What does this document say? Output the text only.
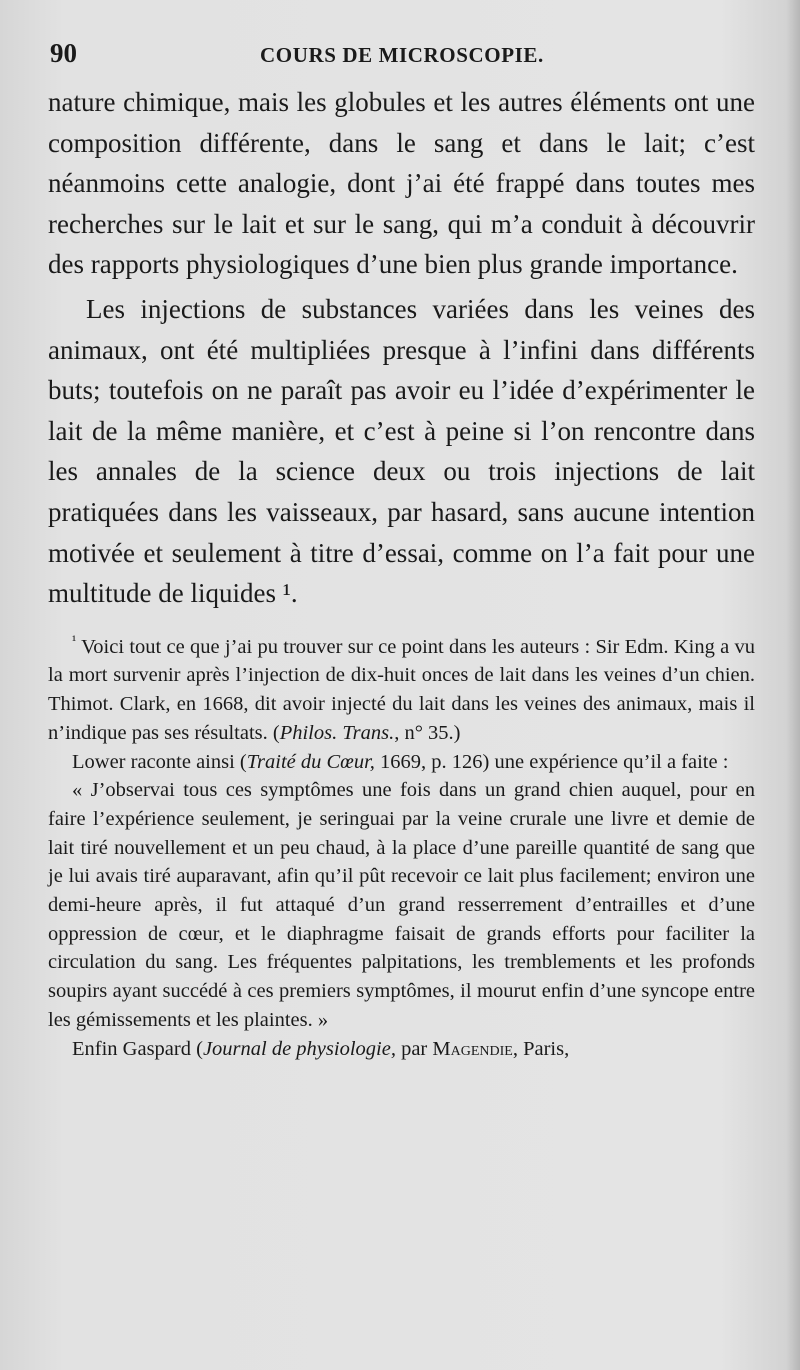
90	COURS DE MICROSCOPIE.

nature chimique, mais les globules et les autres éléments ont une composition différente, dans le sang et dans le lait; c’est néanmoins cette analogie, dont j’ai été frappé dans toutes mes recherches sur le lait et sur le sang, qui m’a conduit à découvrir des rapports physiologiques d’une bien plus grande importance.

Les injections de substances variées dans les veines des animaux, ont été multipliées presque à l’infini dans différents buts; toutefois on ne paraît pas avoir eu l’idée d’expérimenter le lait de la même manière, et c’est à peine si l’on rencontre dans les annales de la science deux ou trois injections de lait pratiquées dans les vaisseaux, par hasard, sans aucune intention motivée et seulement à titre d’essai, comme on l’a fait pour une multitude de liquides ¹.

$^{^1}$ Voici tout ce que j’ai pu trouver sur ce point dans les auteurs : Sir Edm. King a vu la mort survenir après l’injection de dix-huit onces de lait dans les veines d’un chien. Thimot. Clark, en 1668, dit avoir injecté du lait dans les veines des animaux, mais il n’indique pas ses résultats. (Philos. Trans., n° 35.)

Lower raconte ainsi (Traité du Cœur, 1669, p. 126) une expérience qu’il a faite :

« J’observai tous ces symptômes une fois dans un grand chien auquel, pour en faire l’expérience seulement, je seringuai par la veine crurale une livre et demie de lait tiré nouvellement et un peu chaud, à la place d’une pareille quantité de sang que je lui avais tiré auparavant, afin qu’il pût recevoir ce lait plus facilement; environ une demi-heure après, il fut attaqué d’un grand resserrement d’entrailles et d’une oppression de cœur, et le diaphragme faisait de grands efforts pour faciliter la circulation du sang. Les fréquentes palpitations, les tremblements et les profonds soupirs ayant succédé à ces premiers symptômes, il mourut enfin d’une syncope entre les gémissements et les plaintes. »

Enfin Gaspard (Journal de physiologie, par Magendie, Paris,
